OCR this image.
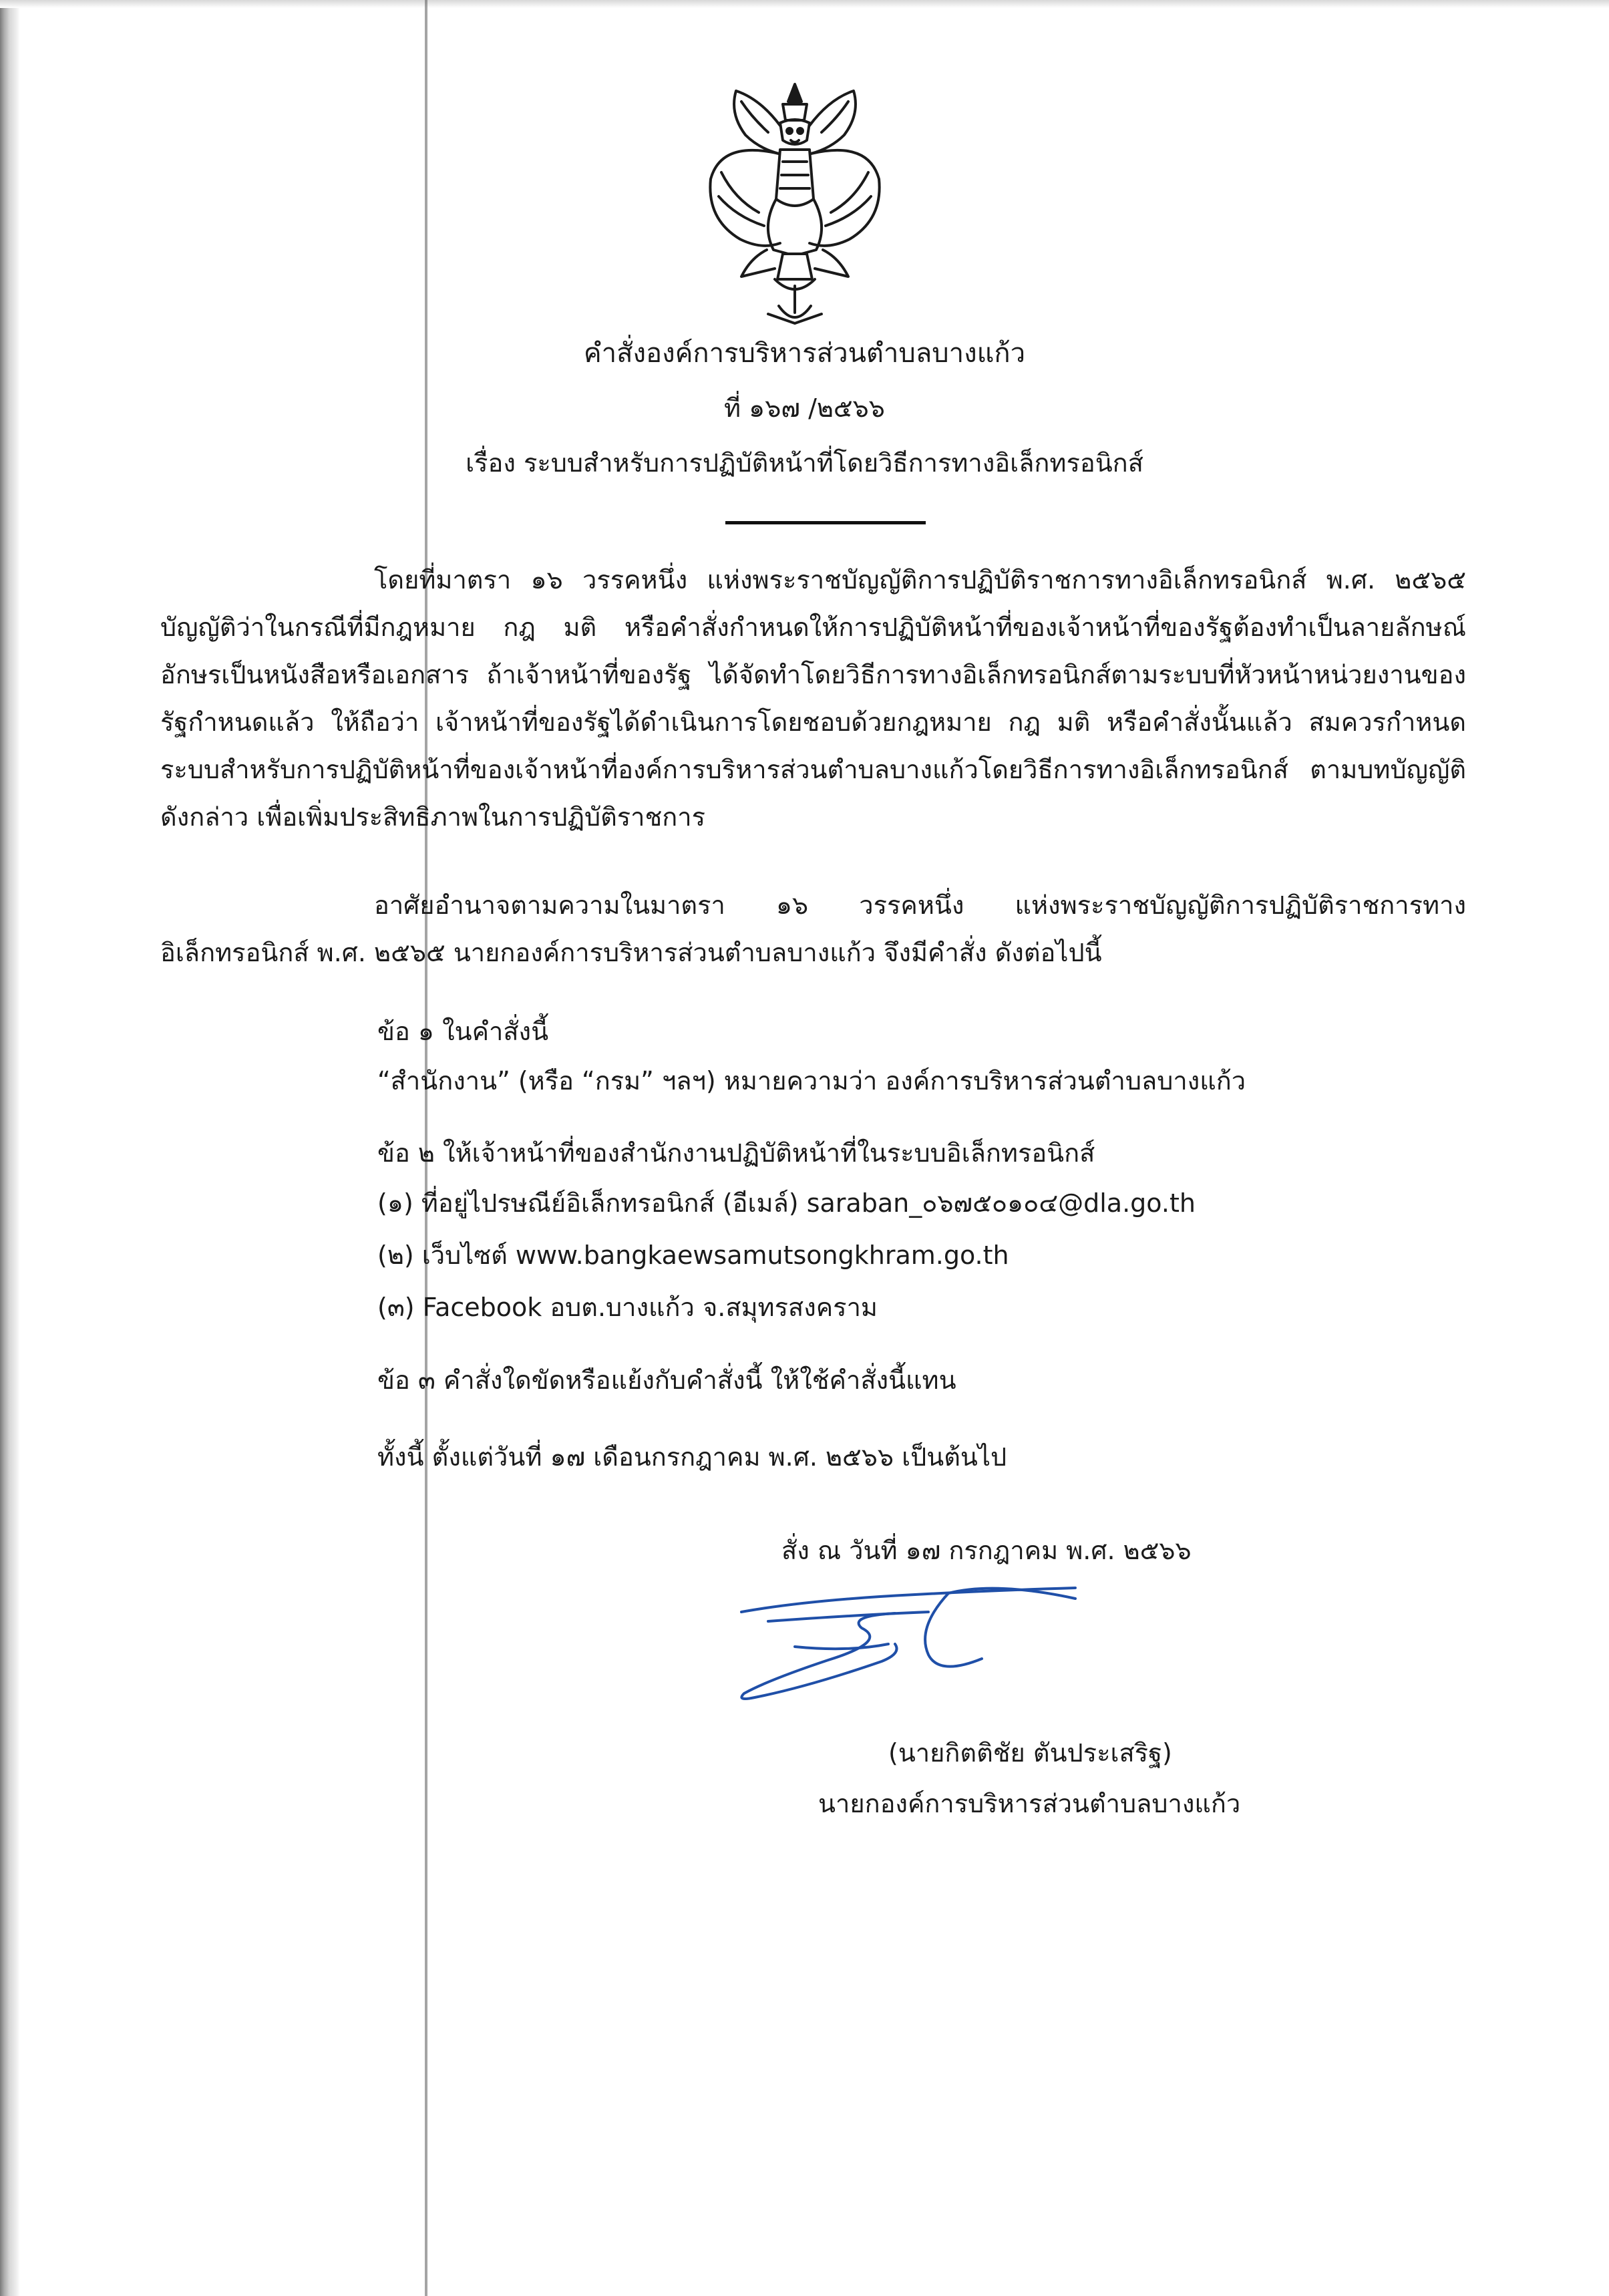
คำสั่งองค์การบริหารส่วนตำบลบางแก้ว
ที่ ๑๖๗ /๒๕๖๖
เรื่อง ระบบสำหรับการปฏิบัติหน้าที่โดยวิธีการทางอิเล็กทรอนิกส์

โดยที่มาตรา ๑๖ วรรคหนึ่ง แห่งพระราชบัญญัติการปฏิบัติราชการทางอิเล็กทรอนิกส์ พ.ศ. ๒๕๖๕ บัญญัติว่าในกรณีที่มีกฎหมาย กฎ มติ หรือคำสั่งกำหนดให้การปฏิบัติหน้าที่ของเจ้าหน้าที่ของรัฐต้องทำเป็นลายลักษณ์อักษรเป็นหนังสือหรือเอกสาร ถ้าเจ้าหน้าที่ของรัฐ ได้จัดทำโดยวิธีการทางอิเล็กทรอนิกส์ตามระบบที่หัวหน้าหน่วยงานของรัฐกำหนดแล้ว ให้ถือว่า เจ้าหน้าที่ของรัฐได้ดำเนินการโดยชอบด้วยกฎหมาย กฎ มติ หรือคำสั่งนั้นแล้ว สมควรกำหนดระบบสำหรับการปฏิบัติหน้าที่ของเจ้าหน้าที่องค์การบริหารส่วนตำบลบางแก้วโดยวิธีการทางอิเล็กทรอนิกส์ ตามบทบัญญัติดังกล่าว เพื่อเพิ่มประสิทธิภาพในการปฏิบัติราชการ

อาศัยอำนาจตามความในมาตรา ๑๖ วรรคหนึ่ง แห่งพระราชบัญญัติการปฏิบัติราชการทางอิเล็กทรอนิกส์ พ.ศ. ๒๕๖๕ นายกองค์การบริหารส่วนตำบลบางแก้ว จึงมีคำสั่ง ดังต่อไปนี้

ข้อ ๑ ในคำสั่งนี้
“สำนักงาน” (หรือ “กรม” ฯลฯ) หมายความว่า องค์การบริหารส่วนตำบลบางแก้ว
ข้อ ๒ ให้เจ้าหน้าที่ของสำนักงานปฏิบัติหน้าที่ในระบบอิเล็กทรอนิกส์
(๑) ที่อยู่ไปรษณีย์อิเล็กทรอนิกส์ (อีเมล์) saraban_๐๖๗๕๐๑๐๔@dla.go.th
(๒) เว็บไซต์ www.bangkaewsamutsongkhram.go.th
(๓) Facebook อบต.บางแก้ว จ.สมุทรสงคราม
ข้อ ๓ คำสั่งใดขัดหรือแย้งกับคำสั่งนี้ ให้ใช้คำสั่งนี้แทน
ทั้งนี้ ตั้งแต่วันที่ ๑๗ เดือนกรกฎาคม พ.ศ. ๒๕๖๖ เป็นต้นไป
สั่ง ณ วันที่ ๑๗ กรกฎาคม พ.ศ. ๒๕๖๖
(นายกิตติชัย ตันประเสริฐ)
นายกองค์การบริหารส่วนตำบลบางแก้ว
